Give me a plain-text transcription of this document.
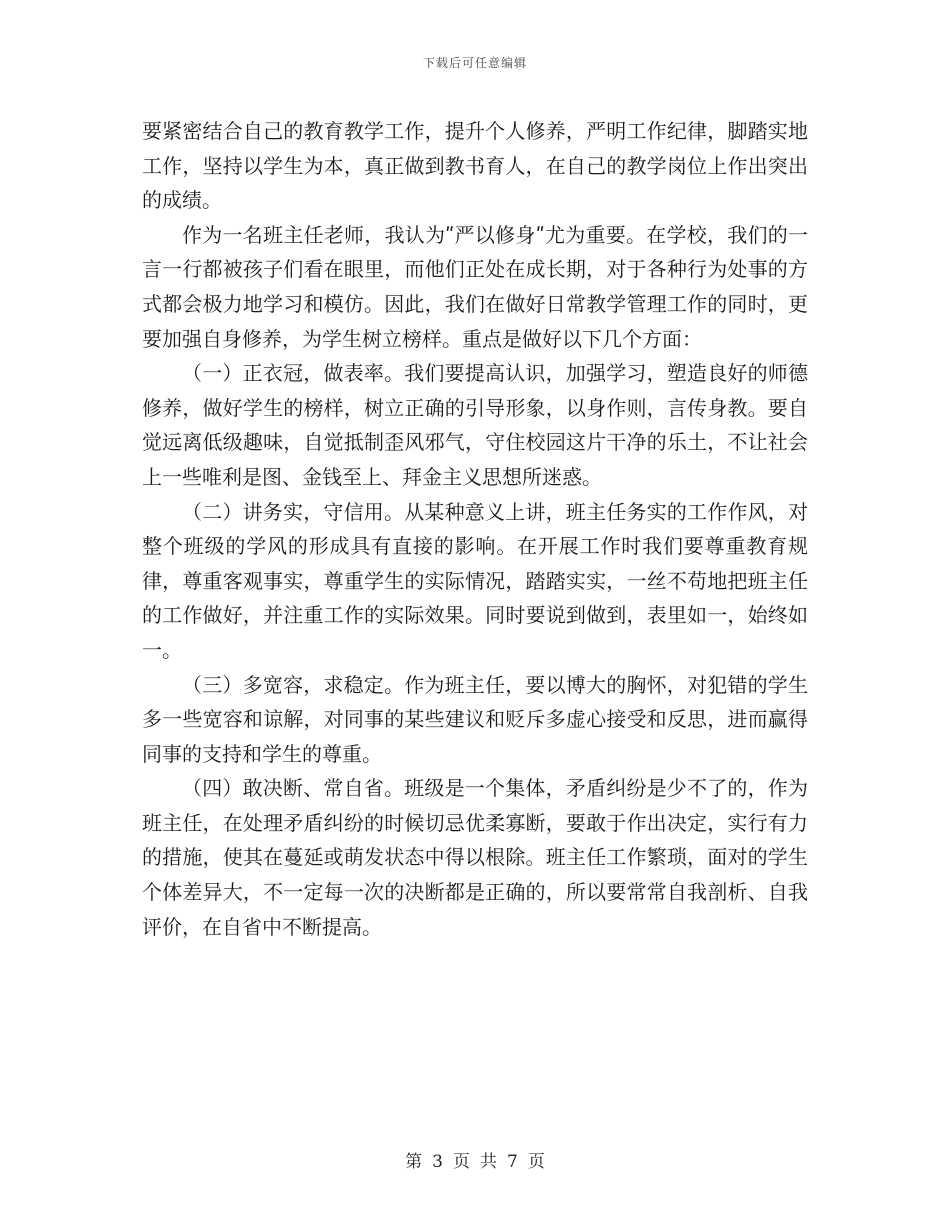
下载后可任意编辑

要紧密结合自己的教育教学工作，提升个人修养，严明工作纪律，脚踏实地工作，坚持以学生为本，真正做到教书育人，在自己的教学岗位上作出突出的成绩。

作为一名班主任老师，我认为ʺ严以修身ʺ尤为重要。在学校，我们的一言一行都被孩子们看在眼里，而他们正处在成长期，对于各种行为处事的方式都会极力地学习和模仿。因此，我们在做好日常教学管理工作的同时，更要加强自身修养，为学生树立榜样。重点是做好以下几个方面：

（一）正衣冠，做表率。我们要提高认识，加强学习，塑造良好的师德修养，做好学生的榜样，树立正确的引导形象，以身作则，言传身教。要自觉远离低级趣味，自觉抵制歪风邪气，守住校园这片干净的乐土，不让社会上一些唯利是图、金钱至上、拜金主义思想所迷惑。

（二）讲务实，守信用。从某种意义上讲，班主任务实的工作作风，对整个班级的学风的形成具有直接的影响。在开展工作时我们要尊重教育规律，尊重客观事实，尊重学生的实际情况，踏踏实实，一丝不苟地把班主任的工作做好，并注重工作的实际效果。同时要说到做到，表里如一，始终如一。

（三）多宽容，求稳定。作为班主任，要以博大的胸怀，对犯错的学生多一些宽容和谅解，对同事的某些建议和贬斥多虚心接受和反思，进而赢得同事的支持和学生的尊重。

（四）敢决断、常自省。班级是一个集体，矛盾纠纷是少不了的，作为班主任，在处理矛盾纠纷的时候切忌优柔寡断，要敢于作出决定，实行有力的措施，使其在蔓延或萌发状态中得以根除。班主任工作繁琐，面对的学生个体差异大，不一定每一次的决断都是正确的，所以要常常自我剖析、自我评价，在自省中不断提高。

第 3 页 共 7 页
